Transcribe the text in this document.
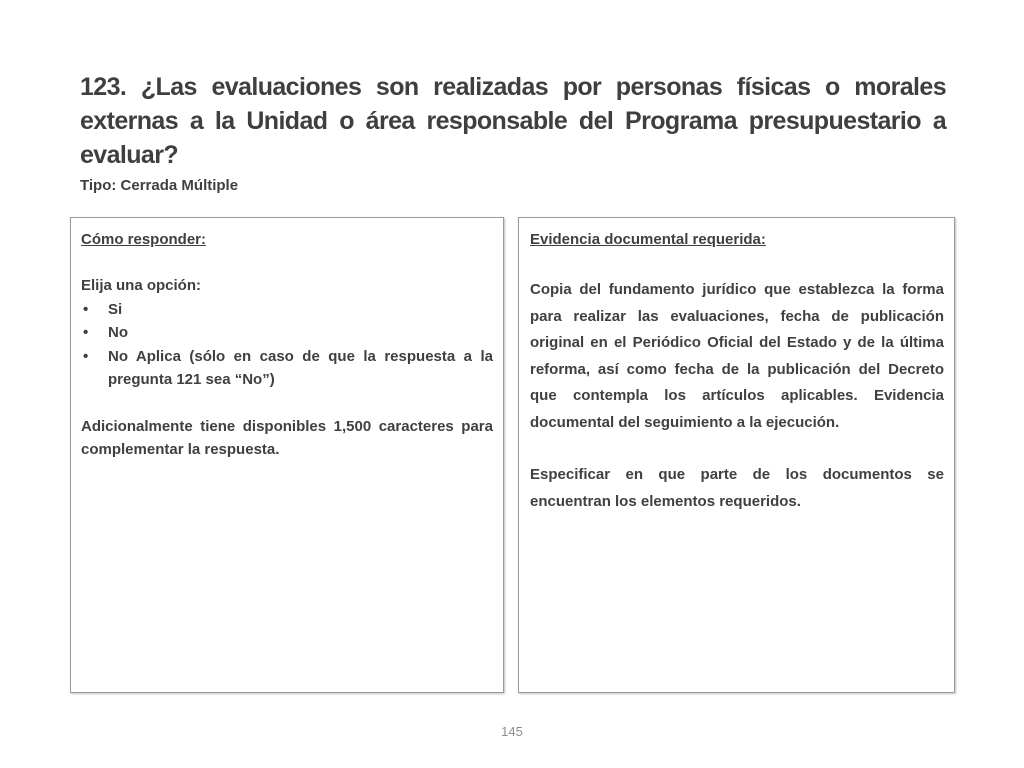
123. ¿Las evaluaciones son realizadas por personas físicas o morales externas a la Unidad o área responsable del Programa presupuestario a evaluar?
Tipo: Cerrada Múltiple

Cómo responder:

Elija una opción:

• Si
• No
• No Aplica (sólo en caso de que la respuesta a la pregunta 121 sea “No”)

Adicionalmente tiene disponibles 1,500 caracteres para complementar la respuesta.

Evidencia documental requerida:

Copia del fundamento jurídico que establezca la forma para realizar las evaluaciones, fecha de publicación original en el Periódico Oficial del Estado y de la última reforma, así como fecha de la publicación del Decreto que contempla los artículos aplicables. Evidencia documental del seguimiento a la ejecución.

Especificar en que parte de los documentos se encuentran los elementos requeridos.

145
